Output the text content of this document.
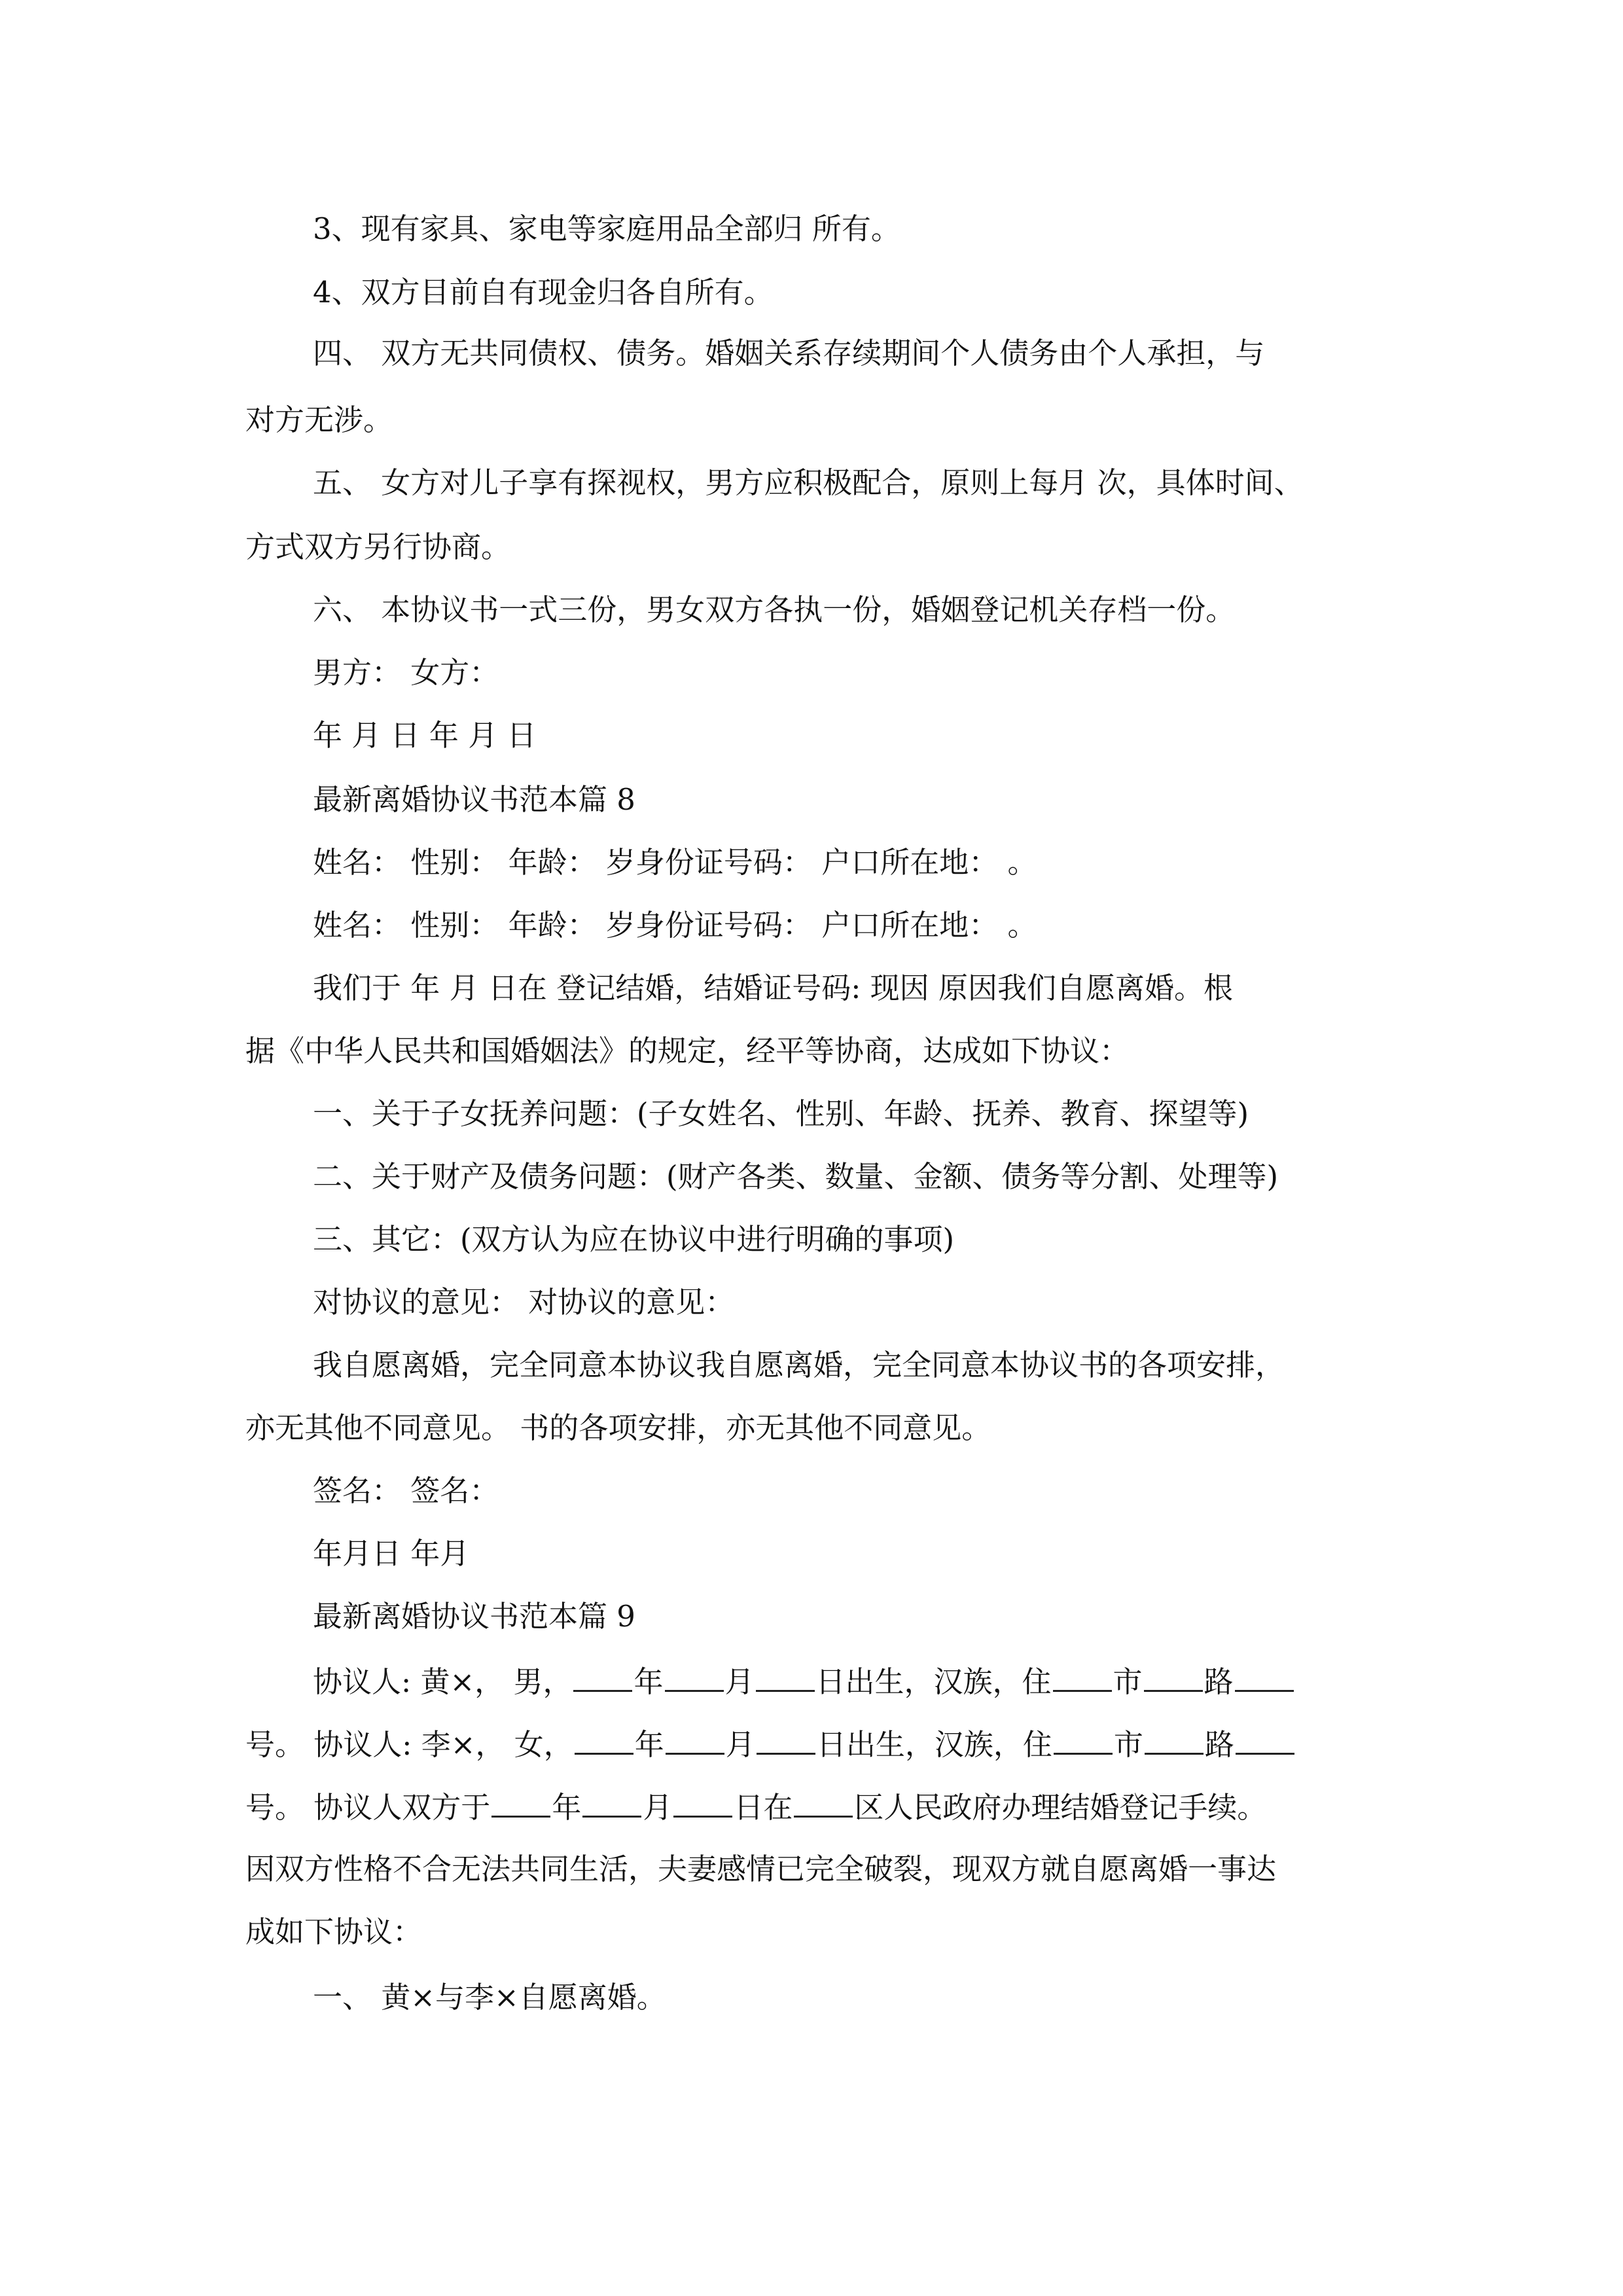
3、现有家具、家电等家庭用品全部归 所有。

4、双方目前自有现金归各自所有。

四、 双方无共同债权、债务。婚姻关系存续期间个人债务由个人承担，与

对方无涉。

五、 女方对儿子享有探视权，男方应积极配合，原则上每月 次，具体时间、

方式双方另行协商。

六、 本协议书一式三份，男女双方各执一份，婚姻登记机关存档一份。

男方： 女方：

年 月 日 年 月 日

最新离婚协议书范本篇 8

姓名： 性别： 年龄： 岁身份证号码： 户口所在地： 。

姓名： 性别： 年龄： 岁身份证号码： 户口所在地： 。

我们于 年 月 日在 登记结婚，结婚证号码: 现因 原因我们自愿离婚。根

据《中华人民共和国婚姻法》的规定，经平等协商，达成如下协议：

一、关于子女抚养问题：(子女姓名、性别、年龄、抚养、教育、探望等)

二、关于财产及债务问题：(财产各类、数量、金额、债务等分割、处理等)

三、其它：(双方认为应在协议中进行明确的事项)

对协议的意见： 对协议的意见：

我自愿离婚，完全同意本协议我自愿离婚，完全同意本协议书的各项安排，

亦无其他不同意见。 书的各项安排，亦无其他不同意见。

签名： 签名：

年月日 年月

最新离婚协议书范本篇 9

协议人: 黄×， 男， 年 月 日出生，汉族，住 市 路

号。 协议人: 李×， 女， 年 月 日出生，汉族，住 市 路

号。 协议人双方于 年 月 日在 区人民政府办理结婚登记手续。

因双方性格不合无法共同生活，夫妻感情已完全破裂，现双方就自愿离婚一事达

成如下协议：

一、 黄×与李×自愿离婚。
